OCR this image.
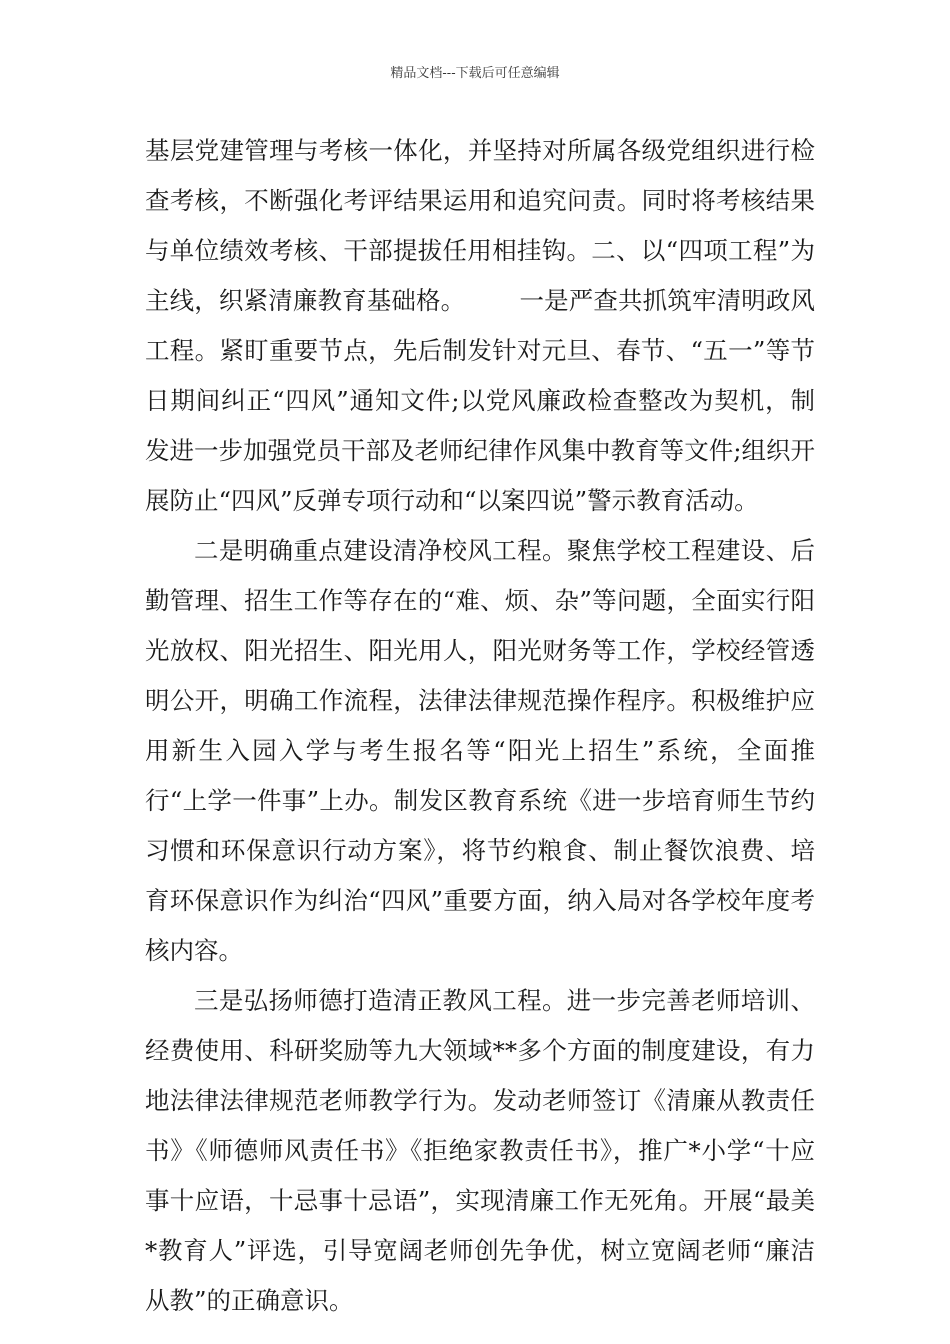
精品文档---下载后可任意编辑

基层党建管理与考核一体化，并坚持对所属各级党组织进行检查考核，不断强化考评结果运用和追究问责。同时将考核结果与单位绩效考核、干部提拔任用相挂钩。二、以“四项工程”为主线，织紧清廉教育基础格。 一是严查共抓筑牢清明政风工程。紧盯重要节点，先后制发针对元旦、春节、“五一”等节日期间纠正“四风”通知文件;以党风廉政检查整改为契机，制发进一步加强党员干部及老师纪律作风集中教育等文件;组织开展防止“四风”反弹专项行动和“以案四说”警示教育活动。

二是明确重点建设清净校风工程。聚焦学校工程建设、后勤管理、招生工作等存在的“难、烦、杂”等问题，全面实行阳光放权、阳光招生、阳光用人，阳光财务等工作，学校经管透明公开，明确工作流程，法律法律规范操作程序。积极维护应用新生入园入学与考生报名等“阳光上招生”系统，全面推行“上学一件事”上办。制发区教育系统《进一步培育师生节约习惯和环保意识行动方案》，将节约粮食、制止餐饮浪费、培育环保意识作为纠治“四风”重要方面，纳入局对各学校年度考核内容。

三是弘扬师德打造清正教风工程。进一步完善老师培训、经费使用、科研奖励等九大领域**多个方面的制度建设，有力地法律法律规范老师教学行为。发动老师签订《清廉从教责任书》《师德师风责任书》《拒绝家教责任书》，推广*小学“十应事十应语，十忌事十忌语”，实现清廉工作无死角。开展“最美*教育人”评选，引导宽阔老师创先争优，树立宽阔老师“廉洁从教”的正确意识。
